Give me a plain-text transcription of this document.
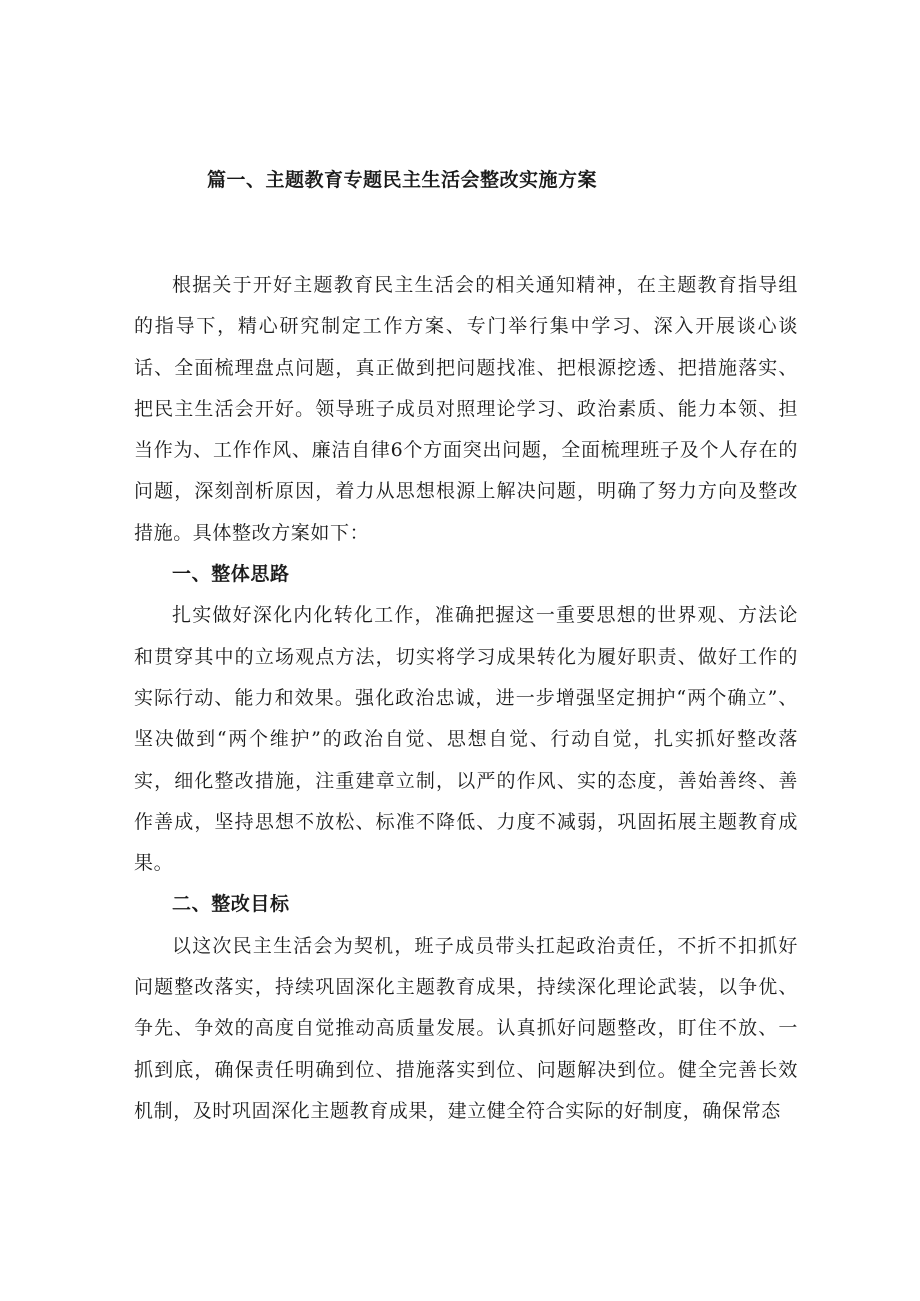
篇一、主题教育专题民主生活会整改实施方案

根据关于开好主题教育民主生活会的相关通知精神，在主题教育指导组的指导下，精心研究制定工作方案、专门举行集中学习、深入开展谈心谈话、全面梳理盘点问题，真正做到把问题找准、把根源挖透、把措施落实、把民主生活会开好。领导班子成员对照理论学习、政治素质、能力本领、担当作为、工作作风、廉洁自律6个方面突出问题，全面梳理班子及个人存在的问题，深刻剖析原因，着力从思想根源上解决问题，明确了努力方向及整改措施。具体整改方案如下：

一、整体思路

扎实做好深化内化转化工作，准确把握这一重要思想的世界观、方法论和贯穿其中的立场观点方法，切实将学习成果转化为履好职责、做好工作的实际行动、能力和效果。强化政治忠诚，进一步增强坚定拥护“两个确立”、坚决做到“两个维护”的政治自觉、思想自觉、行动自觉，扎实抓好整改落实，细化整改措施，注重建章立制，以严的作风、实的态度，善始善终、善作善成，坚持思想不放松、标准不降低、力度不减弱，巩固拓展主题教育成果。

二、整改目标

以这次民主生活会为契机，班子成员带头扛起政治责任，不折不扣抓好问题整改落实，持续巩固深化主题教育成果，持续深化理论武装，以争优、争先、争效的高度自觉推动高质量发展。认真抓好问题整改，盯住不放、一抓到底，确保责任明确到位、措施落实到位、问题解决到位。健全完善长效机制，及时巩固深化主题教育成果，建立健全符合实际的好制度，确保常态
